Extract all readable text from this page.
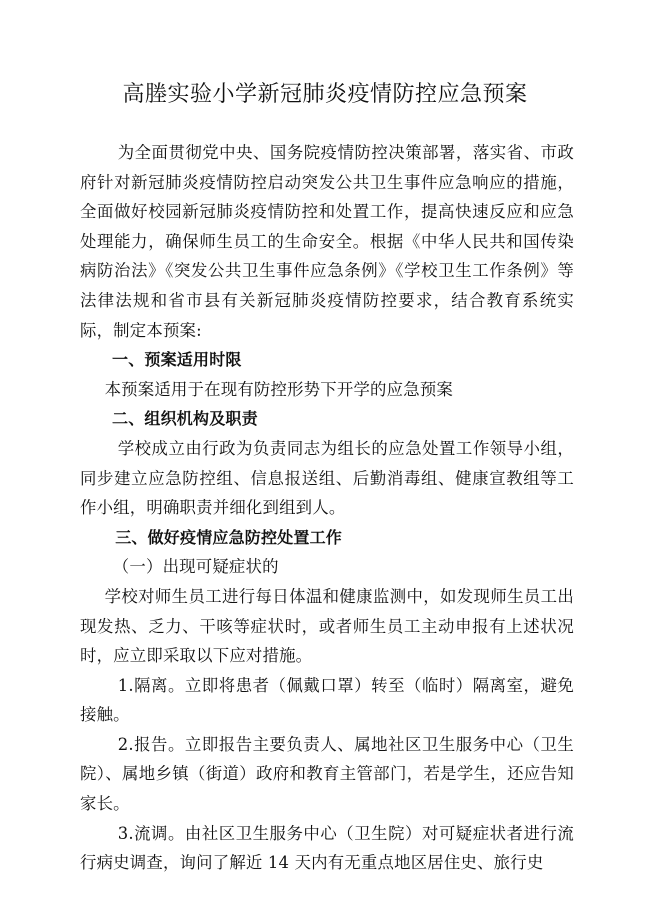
高塍实验小学新冠肺炎疫情防控应急预案

为全面贯彻党中央、国务院疫情防控决策部署，落实省、市政府针对新冠肺炎疫情防控启动突发公共卫生事件应急响应的措施，全面做好校园新冠肺炎疫情防控和处置工作，提高快速反应和应急处理能力，确保师生员工的生命安全。根据《中华人民共和国传染病防治法》《突发公共卫生事件应急条例》《学校卫生工作条例》等法律法规和省市县有关新冠肺炎疫情防控要求，结合教育系统实际，制定本预案:

一、预案适用时限

本预案适用于在现有防控形势下开学的应急预案

二、组织机构及职责

学校成立由行政为负责同志为组长的应急处置工作领导小组，同步建立应急防控组、信息报送组、后勤消毒组、健康宣教组等工作小组，明确职责并细化到组到人。

三、做好疫情应急防控处置工作

（一）出现可疑症状的

学校对师生员工进行每日体温和健康监测中，如发现师生员工出现发热、乏力、干咳等症状时，或者师生员工主动申报有上述状况时，应立即采取以下应对措施。

1.隔离。立即将患者（佩戴口罩）转至（临时）隔离室，避免接触。

2.报告。立即报告主要负责人、属地社区卫生服务中心（卫生院）、属地乡镇（街道）政府和教育主管部门，若是学生，还应告知家长。

3.流调。由社区卫生服务中心（卫生院）对可疑症状者进行流行病史调查，询问了解近 14 天内有无重点地区居住史、旅行史
